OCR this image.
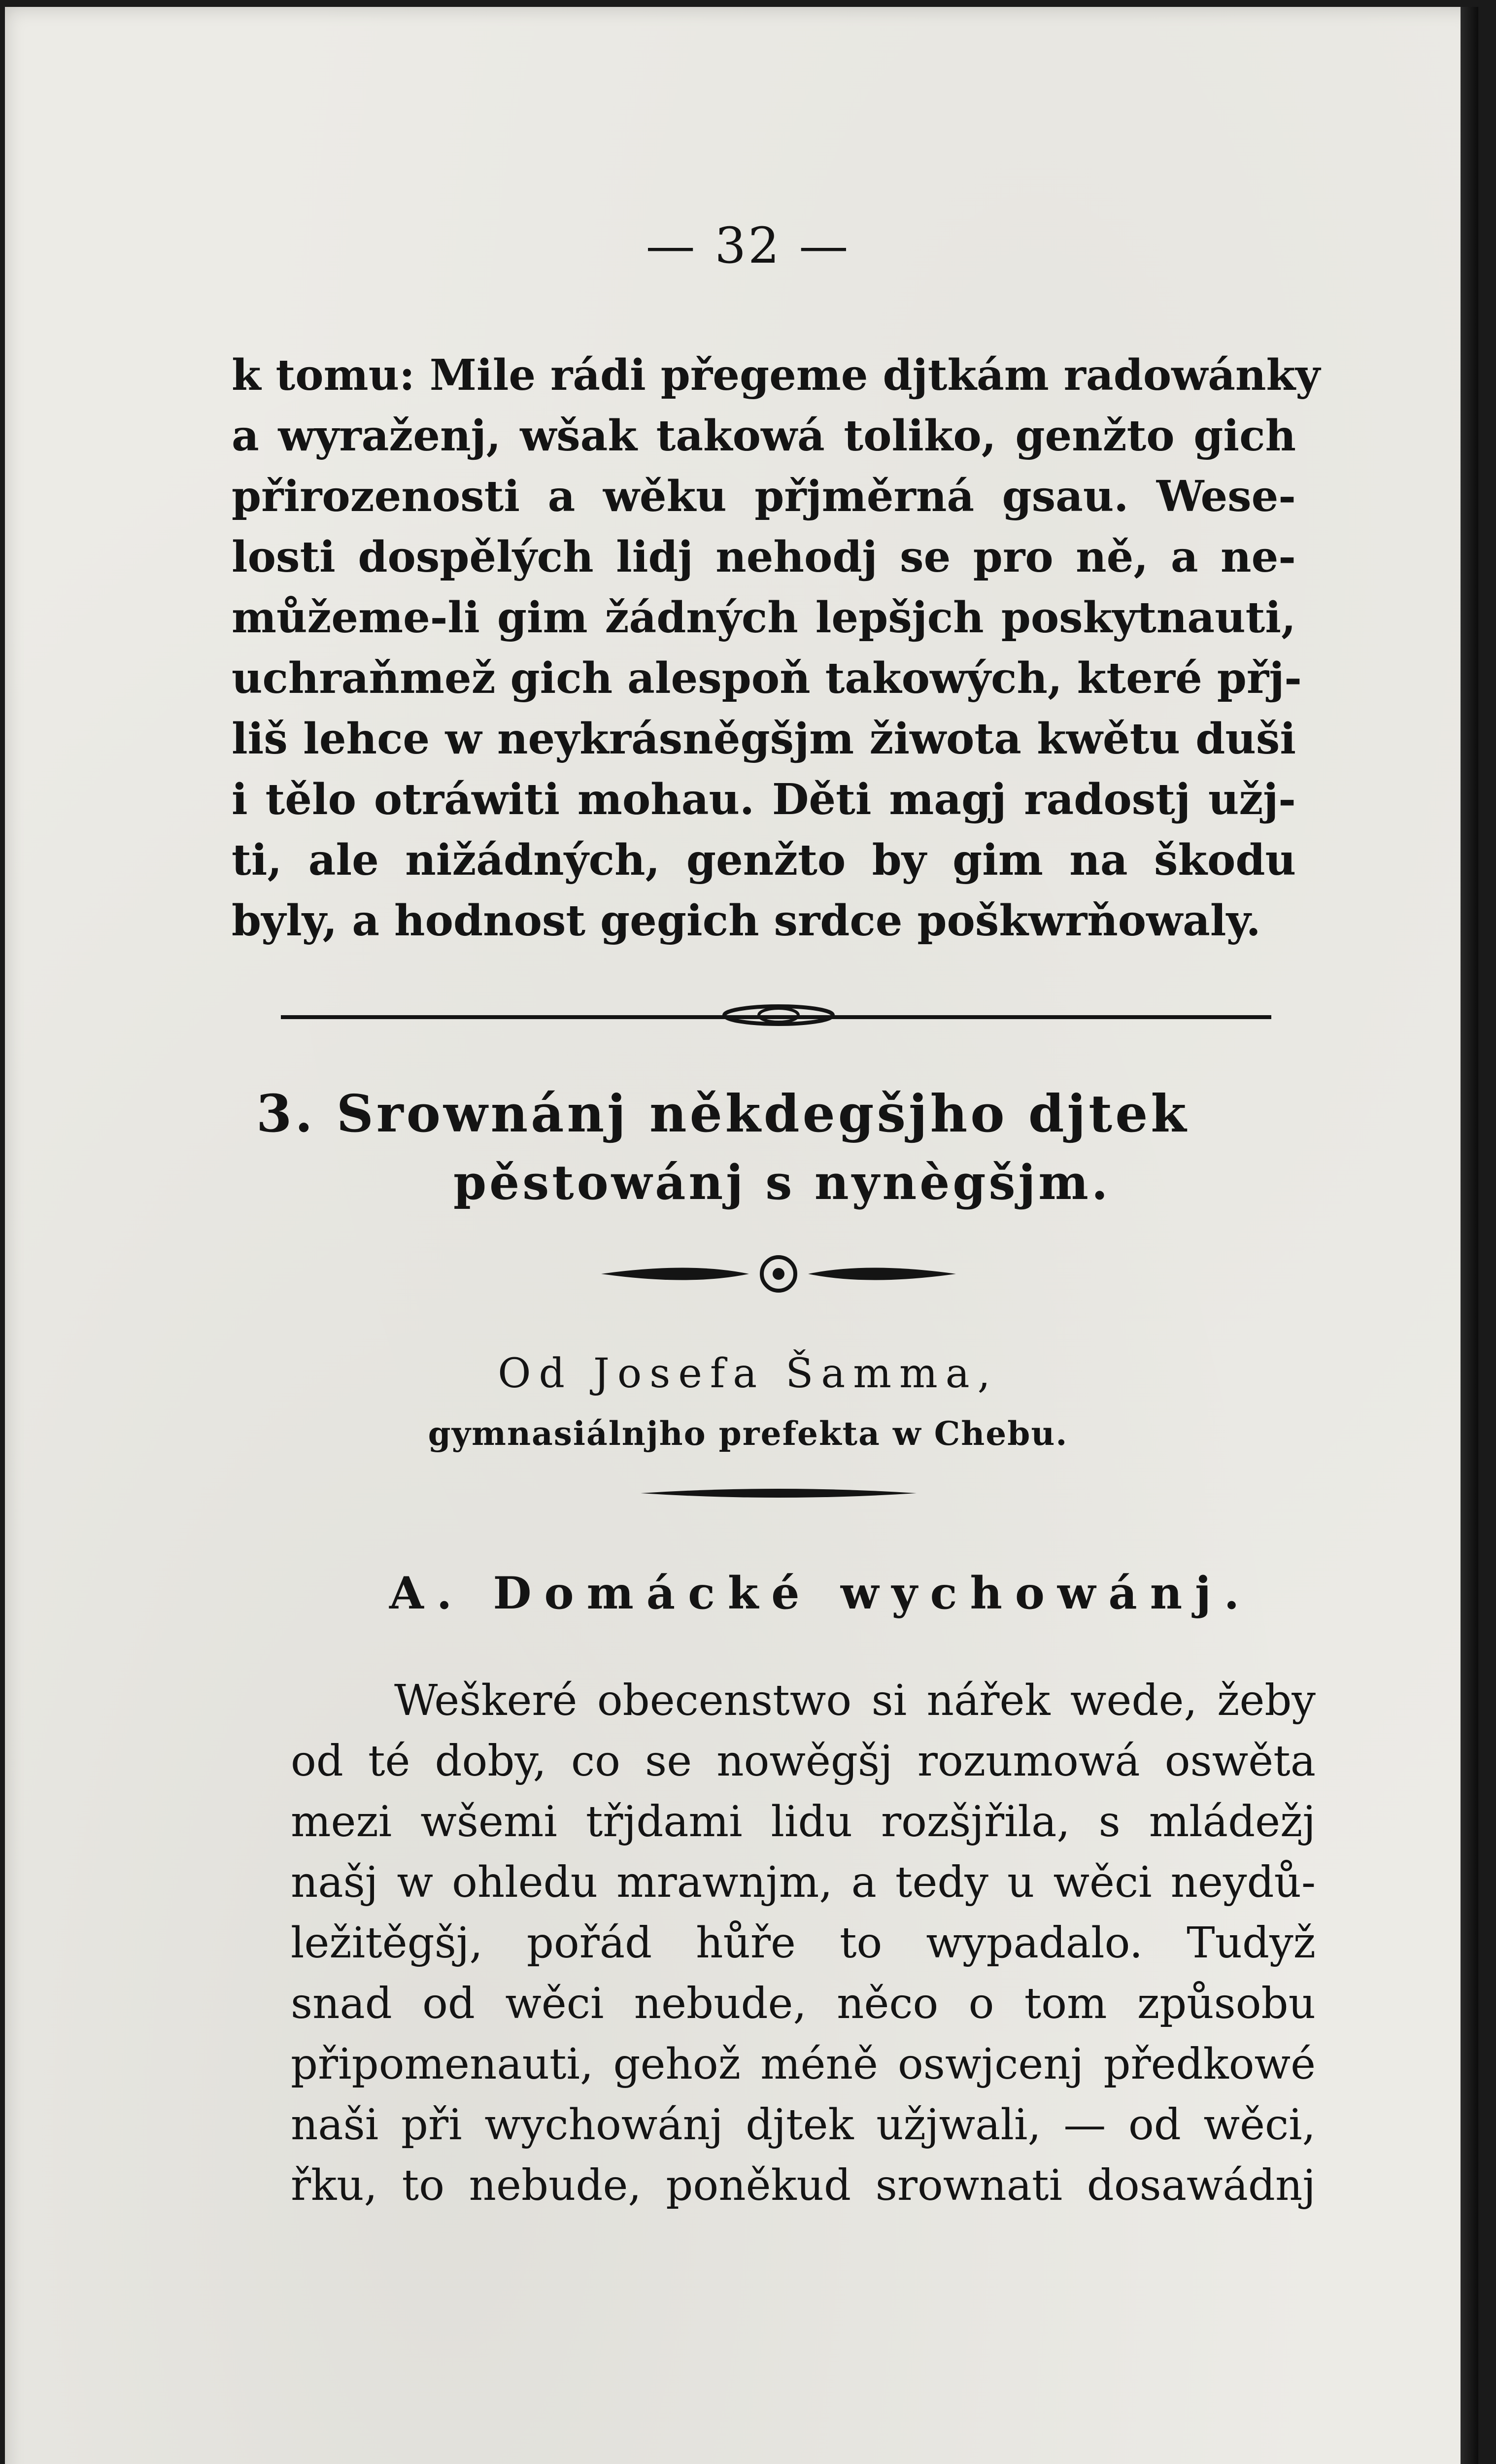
— 32 —
k tomu: Mile rádi přegeme djtkám radowánky
a wyraženj, wšak takowá toliko, genžto gich
přirozenosti a wěku přjměrná gsau. Wese-
losti dospělých lidj nehodj se pro ně, a ne-
můžeme-li gim žádných lepšjch poskytnauti,
uchraňmež gich alespoň takowých, které přj-
liš lehce w neykrásněgšjm žiwota kwětu duši
i tělo otráwiti mohau. Děti magj radostj užj-
ti, ale nižádných, genžto by gim na škodu
byly, a hodnost gegich srdce poškwrňowaly.
3. Srownánj někdegšjho djtek
pěstowánj s nynègšjm.
Od Josefa Šamma,
gymnasiálnjho prefekta w Chebu.
A. Domácké wychowánj.
Weškeré obecenstwo si nářek wede, žeby
od té doby, co se nowěgšj rozumowá oswěta
mezi wšemi třjdami lidu rozšjřila, s mládežj
našj w ohledu mrawnjm, a tedy u wěci neydů-
ležitěgšj, pořád hůře to wypadalo. Tudyž
snad od wěci nebude, něco o tom způsobu
připomenauti, gehož méně oswjcenj předkowé
naši při wychowánj djtek užjwali, — od wěci,
řku, to nebude, poněkud srownati dosawádnj
